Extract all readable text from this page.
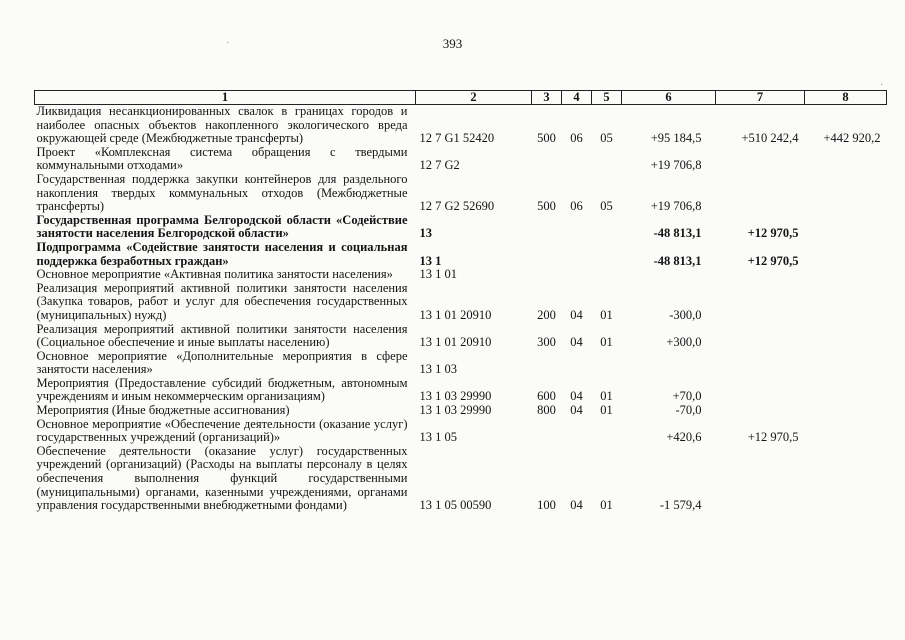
393
1	2	3	4	5	6	7	8
Ликвидация несанкционированных свалок в границах городов и наиболее опасных объектов накопленного экологического вреда окружающей среде (Межбюджетные трансферты)	12 7 G1 52420	500	06	05	+95 184,5	+510 242,4	+442 920,2
Проект «Комплексная система обращения с твердыми коммунальными отходами»	12 7 G2				+19 706,8		
Государственная поддержка закупки контейнеров для раздельного накопления твердых коммунальных отходов (Межбюджетные трансферты)	12 7 G2 52690	500	06	05	+19 706,8		
Государственная программа Белгородской области «Содействие занятости населения Белгородской области»	13				-48 813,1	+12 970,5	
Подпрограмма «Содействие занятости населения и социальная поддержка безработных граждан»	13 1				-48 813,1	+12 970,5	
Основное мероприятие «Активная политика занятости населения»	13 1 01						
Реализация мероприятий активной политики занятости населения (Закупка товаров, работ и услуг для обеспечения государственных (муниципальных) нужд)	13 1 01 20910	200	04	01	-300,0		
Реализация мероприятий активной политики занятости населения (Социальное обеспечение и иные выплаты населению)	13 1 01 20910	300	04	01	+300,0		
Основное мероприятие «Дополнительные мероприятия в сфере занятости населения»	13 1 03						
Мероприятия (Предоставление субсидий бюджетным, автономным учреждениям и иным некоммерческим организациям)	13 1 03 29990	600	04	01	+70,0		
Мероприятия (Иные бюджетные ассигнования)	13 1 03 29990	800	04	01	-70,0		
Основное мероприятие «Обеспечение деятельности (оказание услуг) государственных учреждений (организаций)»	13 1 05				+420,6	+12 970,5	
Обеспечение деятельности (оказание услуг) государственных учреждений (организаций) (Расходы на выплаты персоналу в целях обеспечения выполнения функций государственными (муниципальными) органами, казенными учреждениями, органами управления государственными внебюджетными фондами)	13 1 05 00590	100	04	01	-1 579,4		
·
·
